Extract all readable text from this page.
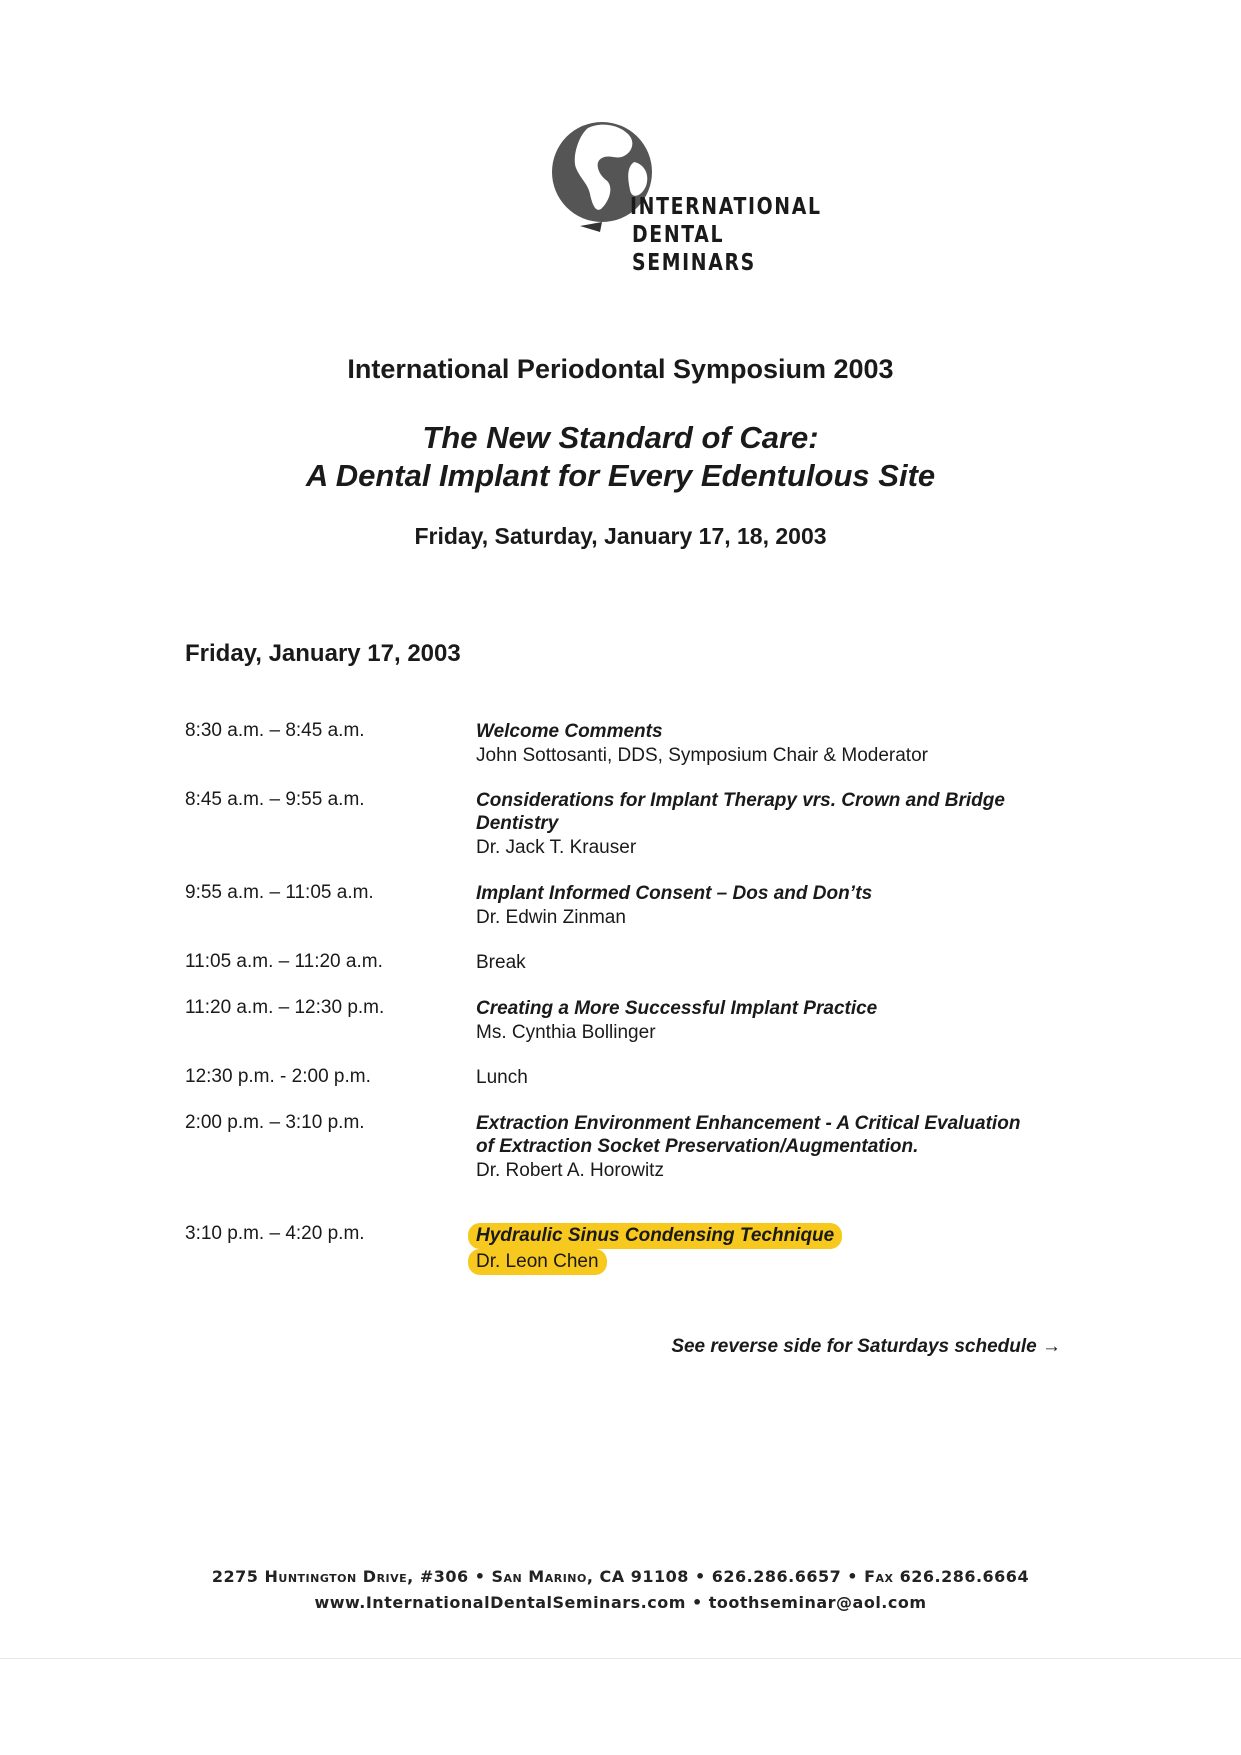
INTERNATIONAL
DENTAL
SEMINARS
International Periodontal Symposium 2003
The New Standard of Care:
A Dental Implant for Every Edentulous Site
Friday, Saturday, January 17, 18, 2003
Friday, January 17, 2003
8:30 a.m. – 8:45 a.m.	Welcome Comments
John Sottosanti, DDS, Symposium Chair & Moderator
8:45 a.m. – 9:55 a.m.	Considerations for Implant Therapy vrs. Crown and Bridge
Dentistry
Dr. Jack T. Krauser
9:55 a.m. – 11:05 a.m.	Implant Informed Consent – Dos and Don’ts
Dr. Edwin Zinman
11:05 a.m. – 11:20 a.m.	Break
11:20 a.m. – 12:30 p.m.	Creating a More Successful Implant Practice
Ms. Cynthia Bollinger
12:30 p.m. - 2:00 p.m.	Lunch
2:00 p.m. – 3:10 p.m.	Extraction Environment Enhancement - A Critical Evaluation
of Extraction Socket Preservation/Augmentation.
Dr. Robert A. Horowitz
3:10 p.m. – 4:20 p.m.	Hydraulic Sinus Condensing Technique
Dr. Leon Chen
See reverse side for Saturdays schedule →
2275 Huntington Drive, #306 • San Marino, CA 91108 • 626.286.6657 • Fax 626.286.6664
www.InternationalDentalSeminars.com • toothseminar@aol.com
